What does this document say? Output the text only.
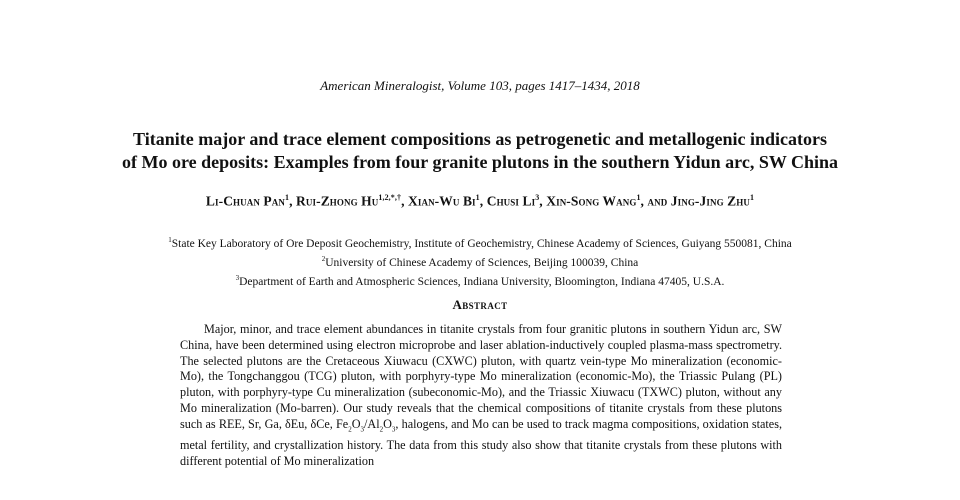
American Mineralogist, Volume 103, pages 1417–1434, 2018
Titanite major and trace element compositions as petrogenetic and metallogenic indicators
of Mo ore deposits: Examples from four granite plutons in the southern Yidun arc, SW China
Li-Chuan Pan$^1$, Rui-Zhong $Hu^{1,2,*,\dagger}$, Xian-Wu Bi$^1$, Chusi Li$^3$, Xin-Song Wang$^1$, and Jing-Jing Zhu$^1$
$^1$State Key Laboratory of Ore Deposit Geochemistry, Institute of Geochemistry, Chinese Academy of Sciences, Guiyang 550081, China
$^2$University of Chinese Academy of Sciences, Beijing 100039, China
$^3$Department of Earth and Atmospheric Sciences, Indiana University, Bloomington, Indiana 47405, U.S.A.
Abstract

Major, minor, and trace element abundances in titanite crystals from four granitic plutons in southern Yidun arc, SW China, have been determined using electron microprobe and laser ablation-inductively coupled plasma-mass spectrometry. The selected plutons are the Cretaceous Xiuwacu (CXWC) pluton, with quartz vein-type Mo mineralization (economic-Mo), the Tongchanggou (TCG) pluton, with porphyry-type Mo mineralization (economic-Mo), the Triassic Pulang (PL) pluton, with porphyry-type Cu mineralization (subeconomic-Mo), and the Triassic Xiuwacu (TXWC) pluton, without any Mo mineralization (Mo-barren). Our study reveals that the chemical compositions of titanite crystals from these plutons such as REE, Sr, Ga, δEu, δCe, $Fe_2O_3/Al_2O_3$, halogens, and Mo can be used to track magma compositions, oxidation states, metal fertility, and crystallization history. The data from this study also show that titanite crystals from these plutons with different potential of Mo mineralization
